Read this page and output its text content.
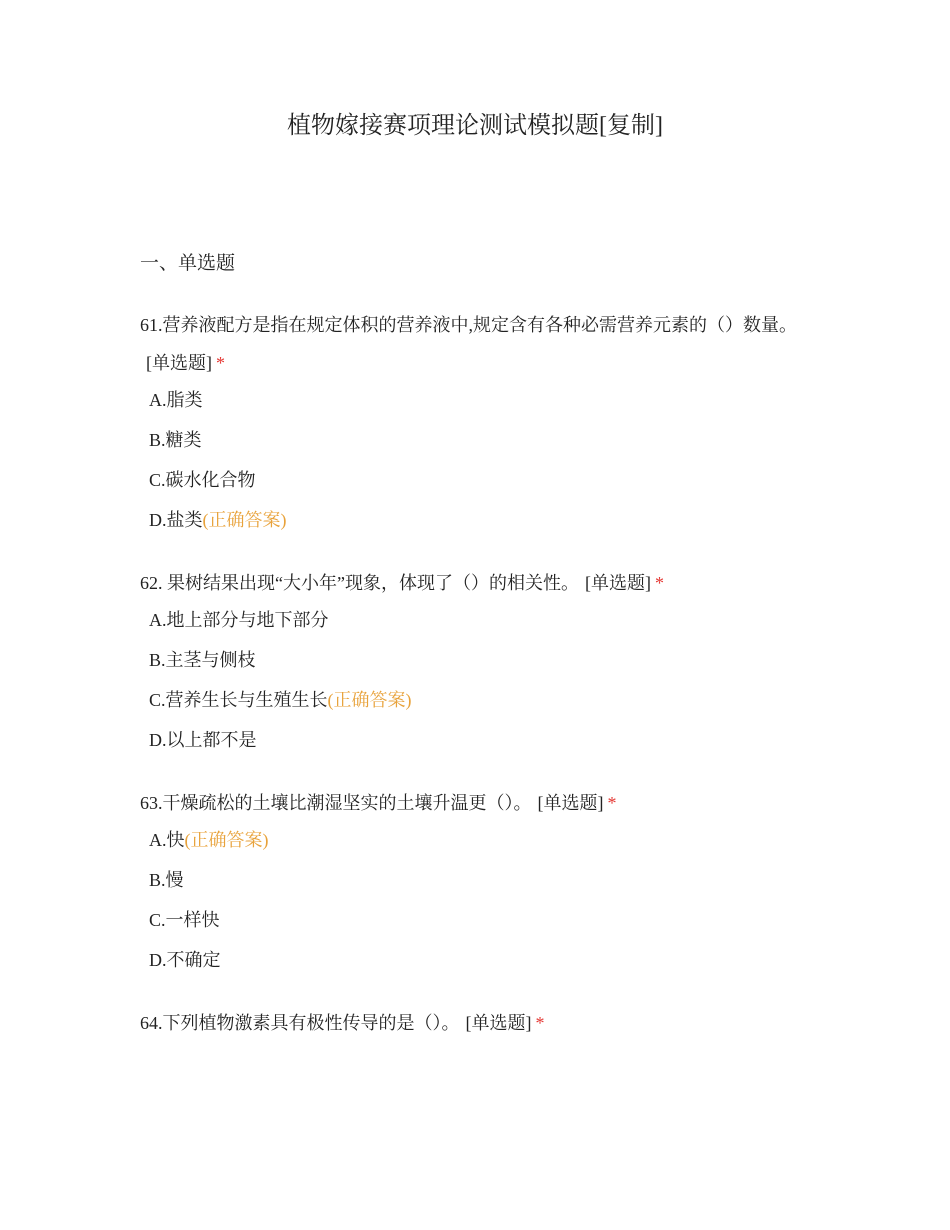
植物嫁接赛项理论测试模拟题[复制]
一、单选题
61.营养液配方是指在规定体积的营养液中,规定含有各种必需营养元素的（）数量。[单选题] *
A.脂类
B.糖类
C.碳水化合物
D.盐类(正确答案)
62. 果树结果出现“大小年”现象，体现了（）的相关性。 [单选题] *
A.地上部分与地下部分
B.主茎与侧枝
C.营养生长与生殖生长(正确答案)
D.以上都不是
63.干燥疏松的土壤比潮湿坚实的土壤升温更（）。 [单选题] *
A.快(正确答案)
B.慢
C.一样快
D.不确定
64.下列植物激素具有极性传导的是（）。 [单选题] *
